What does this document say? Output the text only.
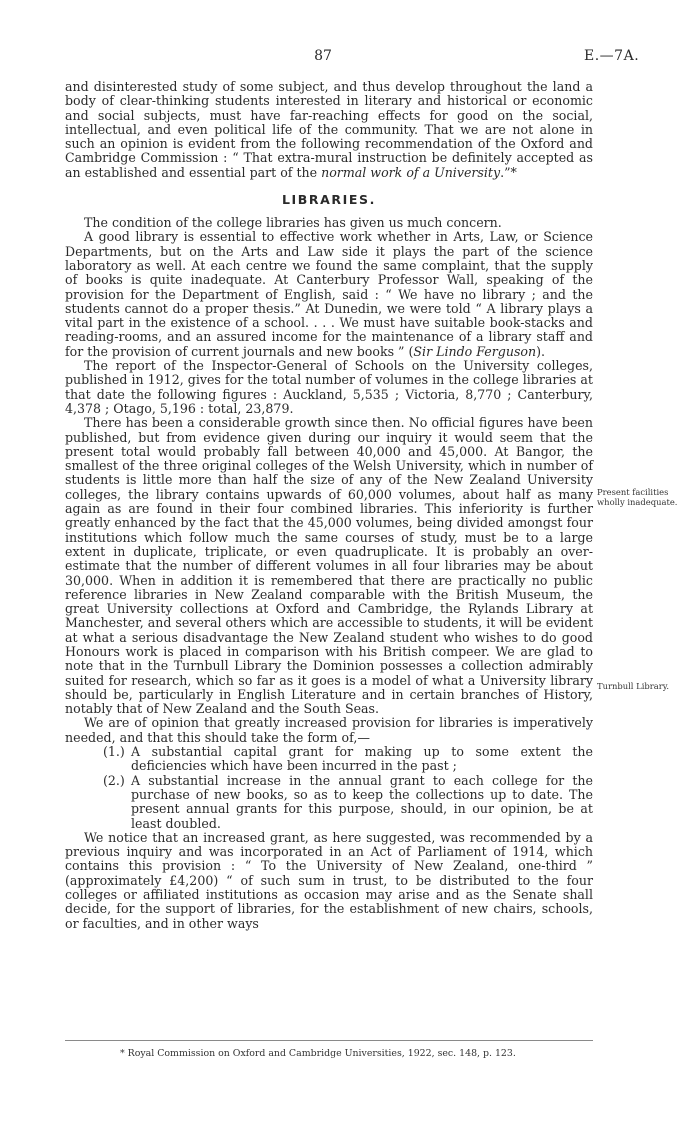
87	E.—7A.

and disinterested study of some subject, and thus develop throughout the land a body of clear-thinking students interested in literary and historical or economic and social subjects, must have far-reaching effects for good on the social, intellectual, and even political life of the community. That we are not alone in such an opinion is evident from the following recommendation of the Oxford and Cambridge Commission : “ That extra-mural instruction be definitely accepted as an established and essential part of the normal work of a University.”*

LIBRARIES.

The condition of the college libraries has given us much concern.

A good library is essential to effective work whether in Arts, Law, or Science Departments, but on the Arts and Law side it plays the part of the science laboratory as well. At each centre we found the same complaint, that the supply of books is quite inadequate. At Canterbury Professor Wall, speaking of the provision for the Department of English, said : “ We have no library ; and the students cannot do a proper thesis.” At Dunedin, we were told “ A library plays a vital part in the existence of a school. . . . We must have suitable book-stacks and reading-rooms, and an assured income for the maintenance of a library staff and for the provision of current journals and new books ” (Sir Lindo Ferguson).

The report of the Inspector-General of Schools on the University colleges, published in 1912, gives for the total number of volumes in the college libraries at that date the following figures : Auckland, 5,535 ; Victoria, 8,770 ; Canterbury, 4,378 ; Otago, 5,196 : total, 23,879.

There has been a considerable growth since then. No official figures have been published, but from evidence given during our inquiry it would seem that the present total would probably fall between 40,000 and 45,000. At Bangor, the smallest of the three original colleges of the Welsh University, which in number of students is little more than half the size of any of the New Zealand University colleges, the library contains upwards of 60,000 volumes, about half as many again as are found in their four combined libraries. This inferiority is further greatly enhanced by the fact that the 45,000 volumes, being divided amongst four institutions which follow much the same courses of study, must be to a large extent in duplicate, triplicate, or even quadruplicate. It is probably an over-estimate that the number of different volumes in all four libraries may be about 30,000. When in addition it is remembered that there are practically no public reference libraries in New Zealand comparable with the British Museum, the great University collections at Oxford and Cambridge, the Rylands Library at Manchester, and several others which are accessible to students, it will be evident at what a serious disadvantage the New Zealand student who wishes to do good Honours work is placed in comparison with his British compeer. We are glad to note that in the Turnbull Library the Dominion possesses a collection admirably suited for research, which so far as it goes is a model of what a University library should be, particularly in English Literature and in certain branches of History, notably that of New Zealand and the South Seas.

We are of opinion that greatly increased provision for libraries is imperatively needed, and that this should take the form of,—

(1.) A substantial capital grant for making up to some extent the deficiencies which have been incurred in the past ;
(2.) A substantial increase in the annual grant to each college for the purchase of new books, so as to keep the collections up to date. The present annual grants for this purpose, should, in our opinion, be at least doubled.

We notice that an increased grant, as here suggested, was recommended by a previous inquiry and was incorporated in an Act of Parliament of 1914, which contains this provision : “ To the University of New Zealand, one-third ” (approximately £4,200) “ of such sum in trust, to be distributed to the four colleges or affiliated institutions as occasion may arise and as the Senate shall decide, for the support of libraries, for the establishment of new chairs, schools, or faculties, and in other ways

Present facilities wholly inadequate.
Turnbull Library.
* Royal Commission on Oxford and Cambridge Universities, 1922, sec. 148, p. 123.
